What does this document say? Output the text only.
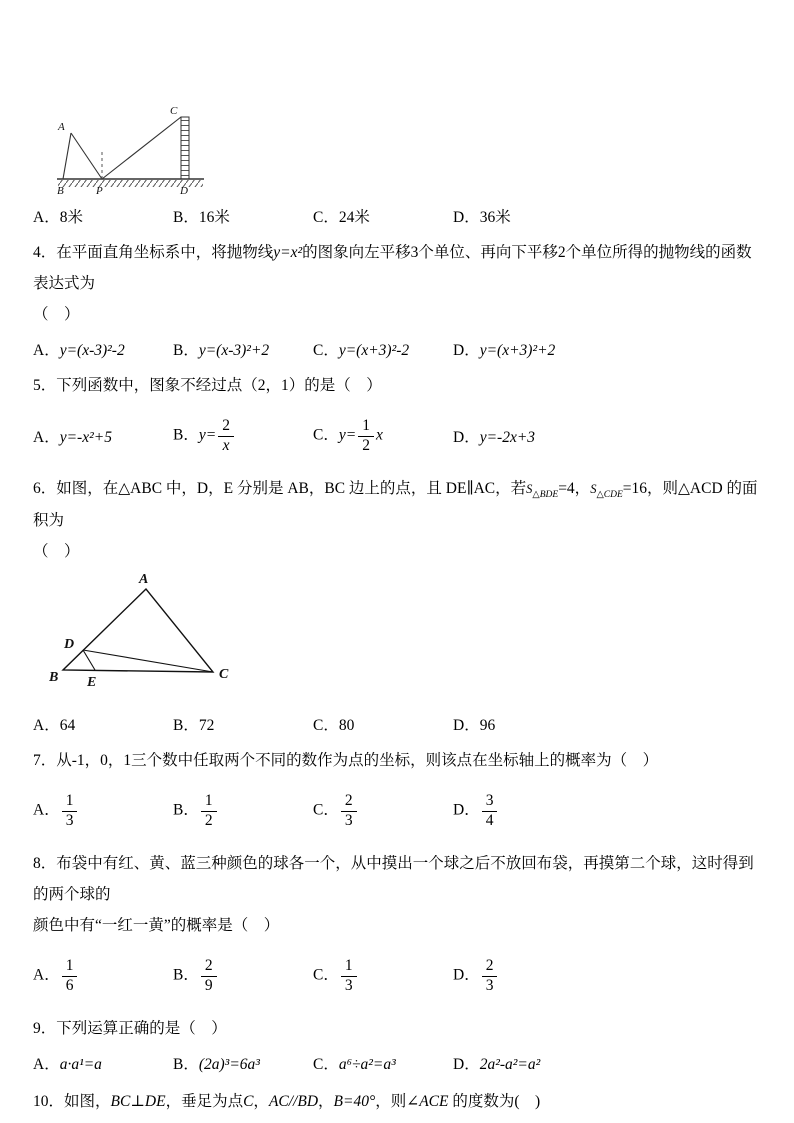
A
B	P
C
D
A．8米	B．16米	C．24米	D．36米

4．在平面直角坐标系中，将抛物线y=x²的图象向左平移3个单位、再向下平移2个单位所得的抛物线的函数表达式为
（　）

A．y=(x-3)²-2	B．y=(x-3)²+2	C．y=(x+3)²-2	D．y=(x+3)²+2

5．下列函数中，图象不经过点（2，1）的是（　）

A．y=-x²+5	B．$y= \frac{2}{x}$	C．$y= \frac{1}{2}$ x	D．y=-2x+3

6．如图，在△ABC 中，D，E 分别是 AB，BC 边上的点，且 DE∥AC，若$S_{\triangle BDE}=4$，$S_{\triangle CDE}=16$，则△ACD 的面积为
（　）

A
B	C
D
E
A．64	B．72	C．80	D．96

7．从-1，0，1三个数中任取两个不同的数作为点的坐标，则该点在坐标轴上的概率为（　）

A． $\frac{1}{3}$	B． $\frac{1}{2}$	C． $\frac{2}{3}$	D． $\frac{3}{4}$

8．布袋中有红、黄、蓝三种颜色的球各一个，从中摸出一个球之后不放回布袋，再摸第二个球，这时得到的两个球的
颜色中有“一红一黄”的概率是（　）

A． $\frac{1}{6}$	B． $\frac{2}{9}$	C． $\frac{1}{3}$	D． $\frac{2}{3}$

9．下列运算正确的是（　）

A．a·a¹=a	B．(2a)³=6a³	C．a⁶÷a²=a³	D．2a²-a²=a²

10．如图，BC⊥DE，垂足为点C，AC//BD，B=40°，则∠ACE 的度数为(　)
